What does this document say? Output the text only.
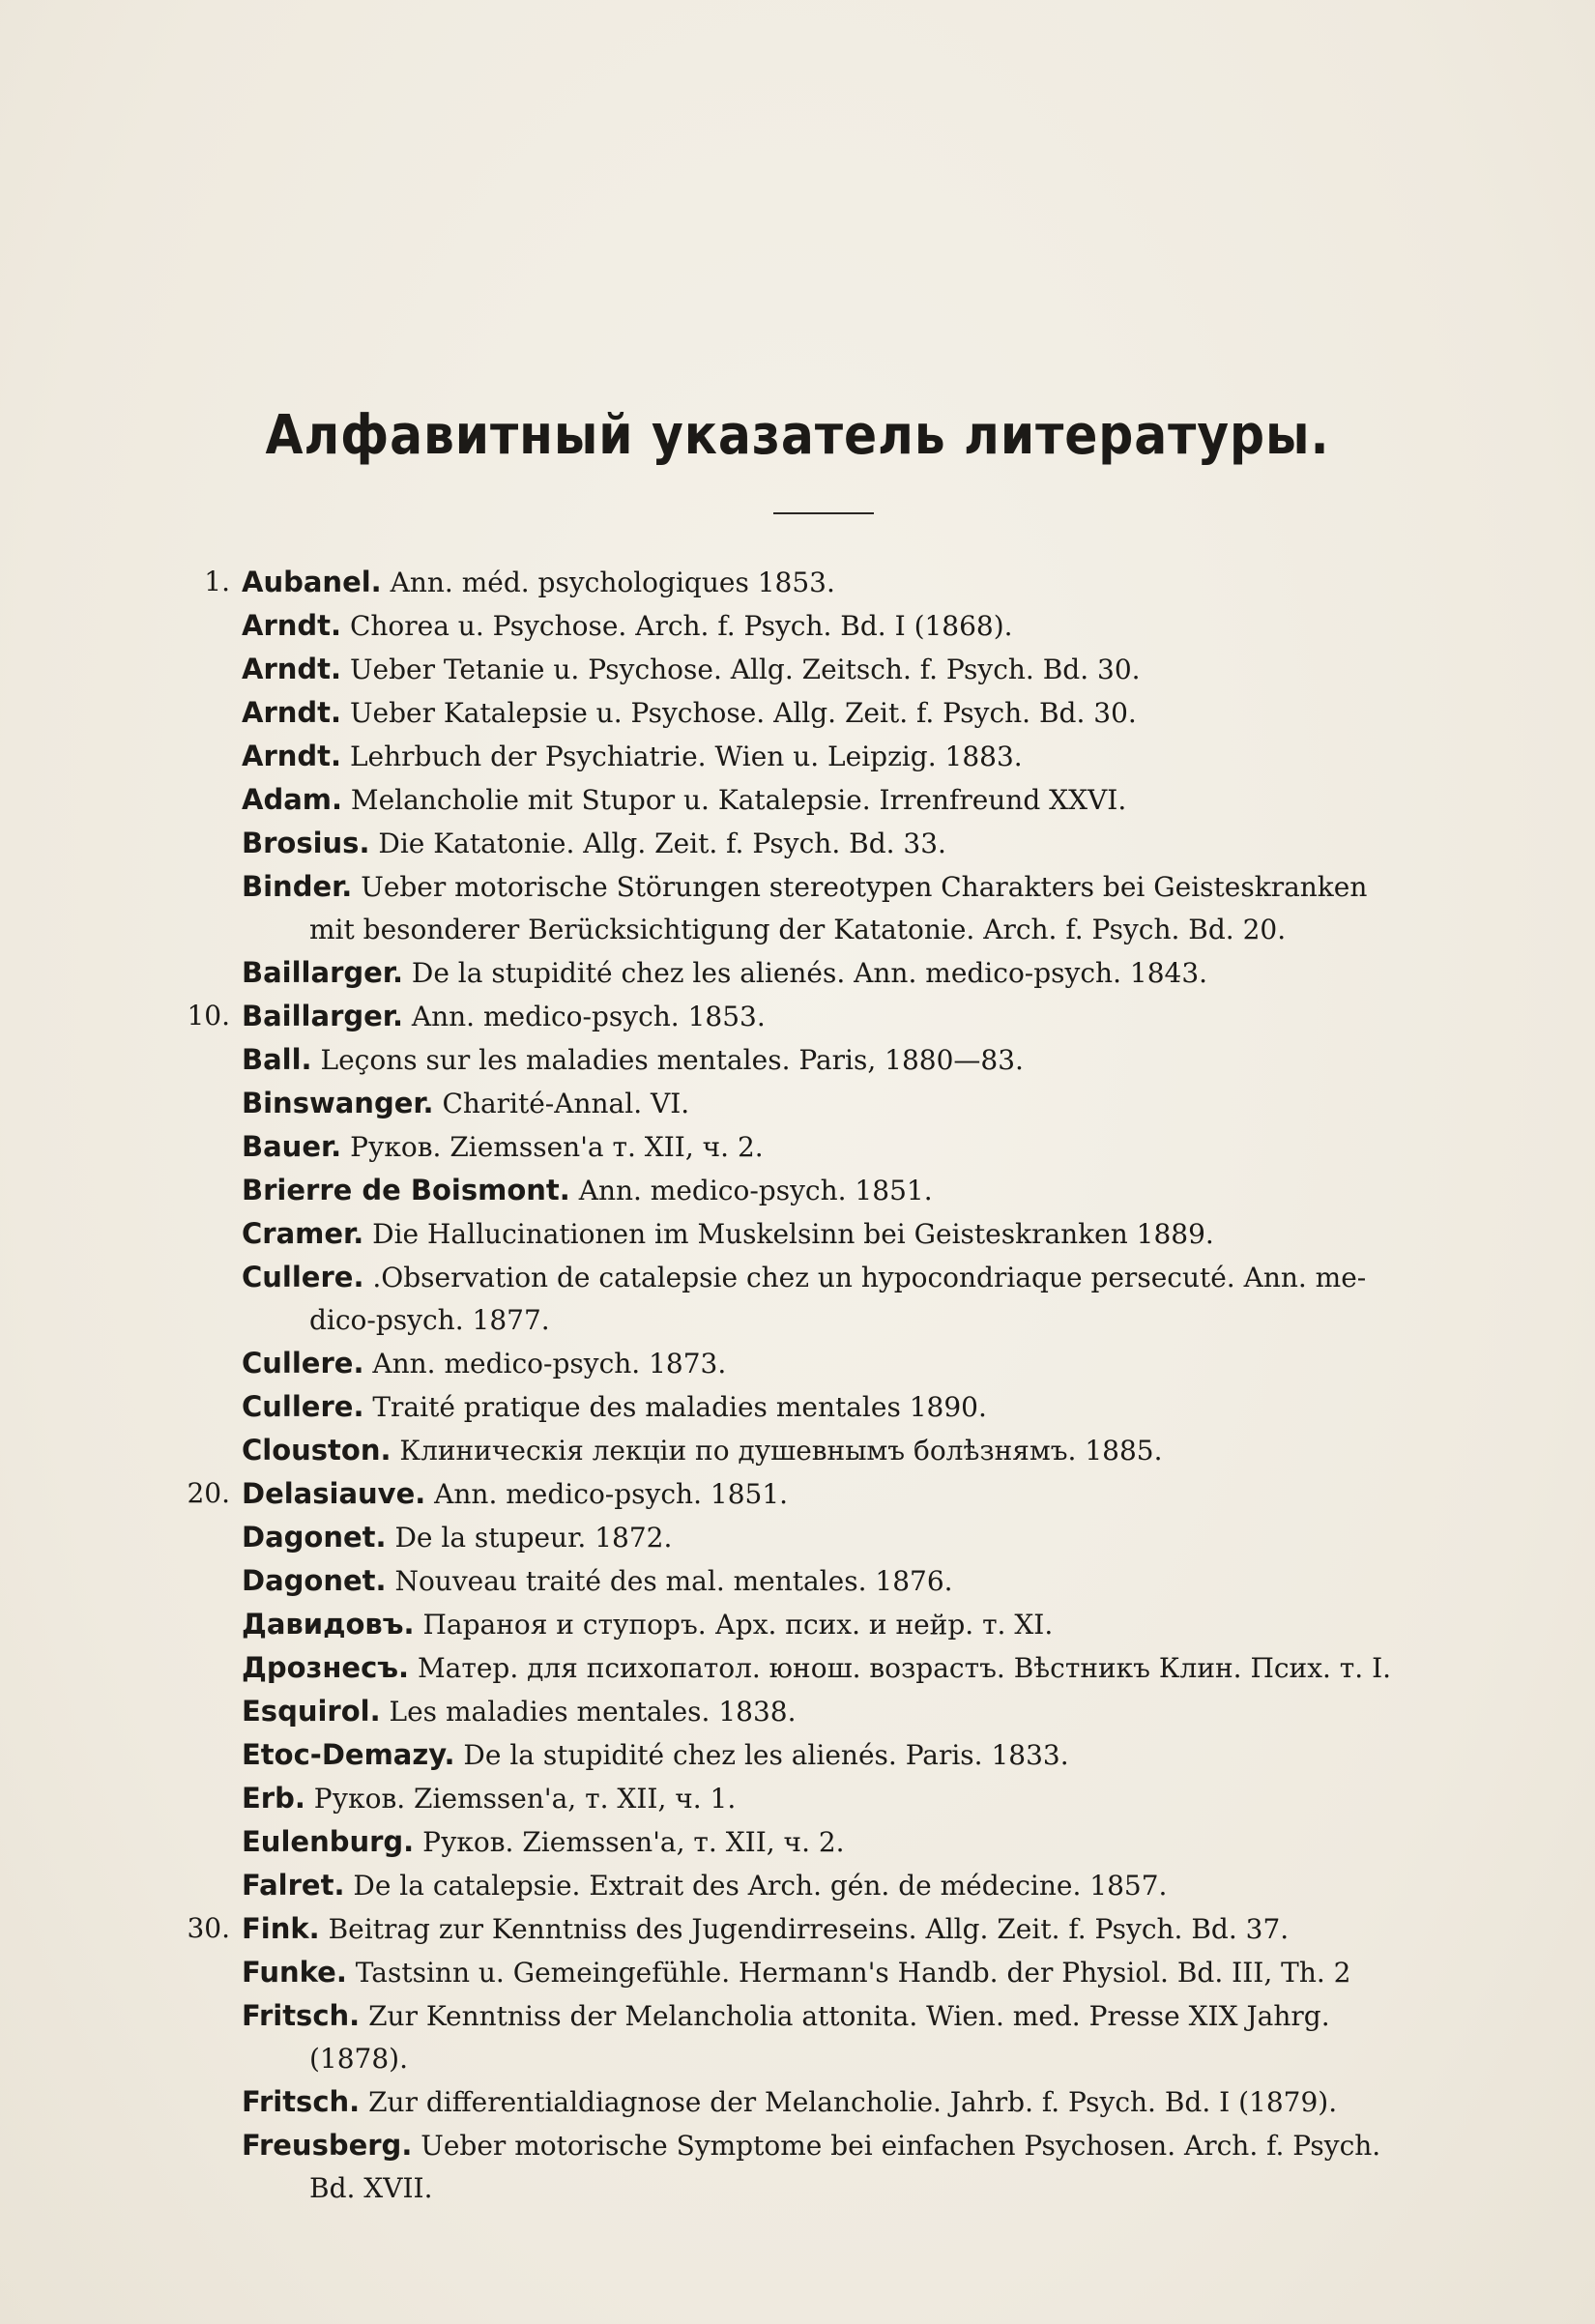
Алфавитный указатель литературы.
1. Aubanel. Ann. méd. psychologiques 1853.
Arndt. Chorea u. Psychose. Arch. f. Psych. Bd. I (1868).
Arndt. Ueber Tetanie u. Psychose. Allg. Zeitsch. f. Psych. Bd. 30.
Arndt. Ueber Katalepsie u. Psychose. Allg. Zeit. f. Psych. Bd. 30.
Arndt. Lehrbuch der Psychiatrie. Wien u. Leipzig. 1883.
Adam. Melancholie mit Stupor u. Katalepsie. Irrenfreund XXVI.
Brosius. Die Katatonie. Allg. Zeit. f. Psych. Bd. 33.
Binder. Ueber motorische Störungen stereotypen Charakters bei Geisteskranken
mit besonderer Berücksichtigung der Katatonie. Arch. f. Psych. Bd. 20.
Baillarger. De la stupidité chez les alienés. Ann. medico-psych. 1843.
10. Baillarger. Ann. medico-psych. 1853.
Ball. Leçons sur les maladies mentales. Paris, 1880—83.
Binswanger. Charité-Annal. VI.
Bauer. Руков. Ziemssen'a т. XII, ч. 2.
Brierre de Boismont. Ann. medico-psych. 1851.
Cramer. Die Hallucinationen im Muskelsinn bei Geisteskranken 1889.
Cullere. .Observation de catalepsie chez un hypocondriaque persecuté. Ann. me-
dico-psych. 1877.
Cullere. Ann. medico-psych. 1873.
Cullere. Traité pratique des maladies mentales 1890.
Clouston. Клиническія лекціи по душевнымъ болѣзнямъ. 1885.
20. Delasiauve. Ann. medico-psych. 1851.
Dagonet. De la stupeur. 1872.
Dagonet. Nouveau traité des mal. mentales. 1876.
Давидовъ. Параноя и ступоръ. Арх. псих. и нейр. т. XI.
Дрознесъ. Матер. для психопатол. юнош. возрастъ. Вѣстникъ Клин. Псих. т. I.
Esquirol. Les maladies mentales. 1838.
Etoc-Demazy. De la stupidité chez les alienés. Paris. 1833.
Erb. Руков. Ziemssen'a, т. XII, ч. 1.
Eulenburg. Руков. Ziemssen'a, т. XII, ч. 2.
Falret. De la catalepsie. Extrait des Arch. gén. de médecine. 1857.
30. Fink. Beitrag zur Kenntniss des Jugendirreseins. Allg. Zeit. f. Psych. Bd. 37.
Funke. Tastsinn u. Gemeingefühle. Hermann's Handb. der Physiol. Bd. III, Th. 2
Fritsch. Zur Kenntniss der Melancholia attonita. Wien. med. Presse XIX Jahrg.
(1878).
Fritsch. Zur differentialdiagnose der Melancholie. Jahrb. f. Psych. Bd. I (1879).
Freusberg. Ueber motorische Symptome bei einfachen Psychosen. Arch. f. Psych.
Bd. XVII.
